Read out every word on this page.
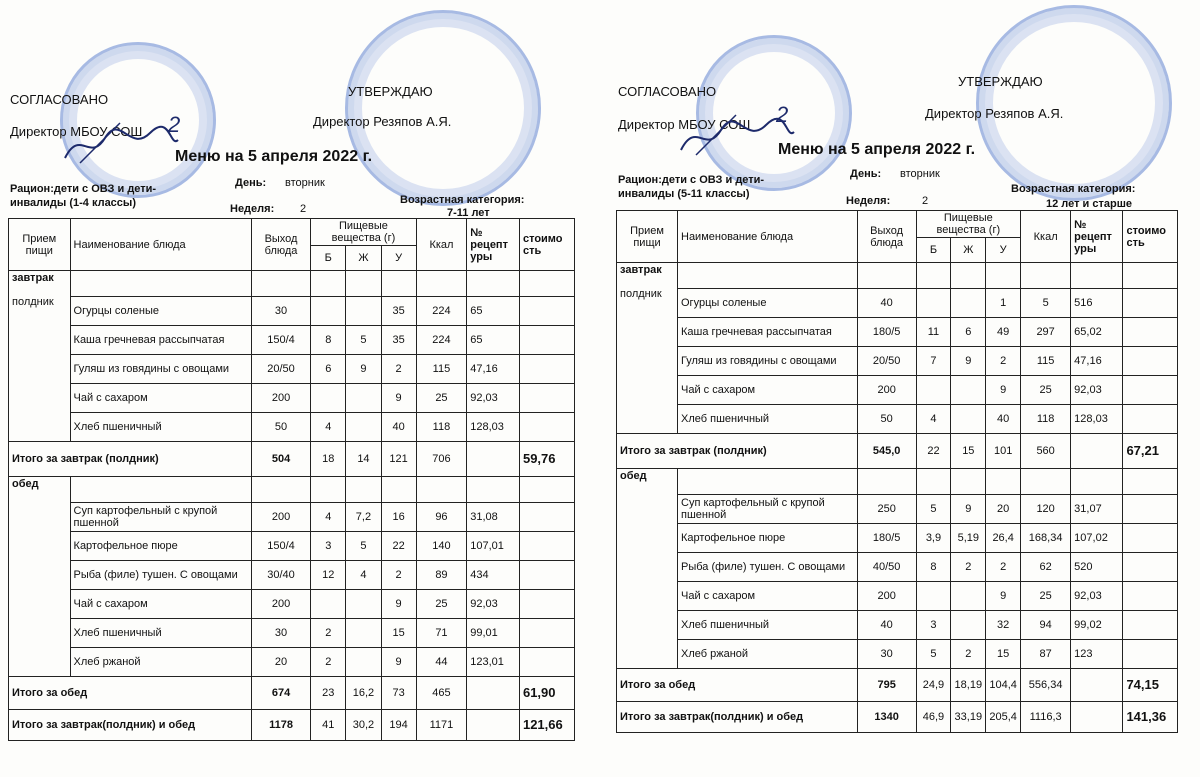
СОГЛАСОВАНО
Директор МБОУ СОШ 2
УТВЕРЖДАЮ
Директор Резяпов А.Я.
Меню на 5 апреля 2022 г.
Рацион:дети с ОВЗ и дети-
инвалиды (1-4 классы)
День: вторник
Неделя: 2
Возрастная категория:
7-11 лет
Прием пищи	Наименование блюда	Выход блюда	Пищевые вещества (г)			Ккал	№ рецепт уры	стоимо сть
			Б	Ж	У			

завтрак
полдник								

	Огурцы соленые	30			35	224	65	
	Каша гречневая рассыпчатая	150/4	8	5	35	224	65	
	Гуляш из говядины с овощами	20/50	6	9	2	115	47,16	
	Чай с сахаром	200			9	25	92,03	
	Хлеб пшеничный	50	4		40	118	128,03	
Итого за завтрак (полдник)		504	18	14	121	706		59,76

обед								

	Суп картофельный с крупой пшенной	200	4	7,2	16	96	31,08	
	Картофельное пюре	150/4	3	5	22	140	107,01	
	Рыба (филе) тушен. С овощами	30/40	12	4	2	89	434	
	Чай с сахаром	200			9	25	92,03	
	Хлеб пшеничный	30	2		15	71	99,01	
	Хлеб ржаной	20	2		9	44	123,01	
Итого за обед		674	23	16,2	73	465		61,90
Итого за завтрак(полдник) и обед		1178	41	30,2	194	1171		121,66
СОГЛАСОВАНО
Директор МБОУ СОШ 2
УТВЕРЖДАЮ
Директор Резяпов А.Я.
Меню на 5 апреля 2022 г.
Рацион:дети с ОВЗ и дети-
инвалиды (5-11 классы)
День: вторник
Неделя:	2
Возрастная категория:
12 лет и старше
Прием пищи	Наименование блюда	Выход блюда	Пищевые вещества (г)			Ккал	№ рецепт уры	стоимо сть
			Б	Ж	У			

завтрак
полдник								

	Огурцы соленые	40			1	5	516	
	Каша гречневая рассыпчатая	180/5	11	6	49	297	65,02	
	Гуляш из говядины с овощами	20/50	7	9	2	115	47,16	
	Чай с сахаром	200			9	25	92,03	
	Хлеб пшеничный	50	4		40	118	128,03	
Итого за завтрак (полдник)		545,0	22	15	101	560		67,21

обед								

	Суп картофельный с крупой пшенной	250	5	9	20	120	31,07	
	Картофельное пюре	180/5	3,9	5,19	26,4	168,34	107,02	
	Рыба (филе) тушен. С овощами	40/50	8	2	2	62	520	
	Чай с сахаром	200			9	25	92,03	
	Хлеб пшеничный	40	3		32	94	99,02	
	Хлеб ржаной	30	5	2	15	87	123	
Итого за обед		795	24,9	18,19	104,4	556,34		74,15
Итого за завтрак(полдник) и обед		1340	46,9	33,19	205,4	1116,3		141,36
